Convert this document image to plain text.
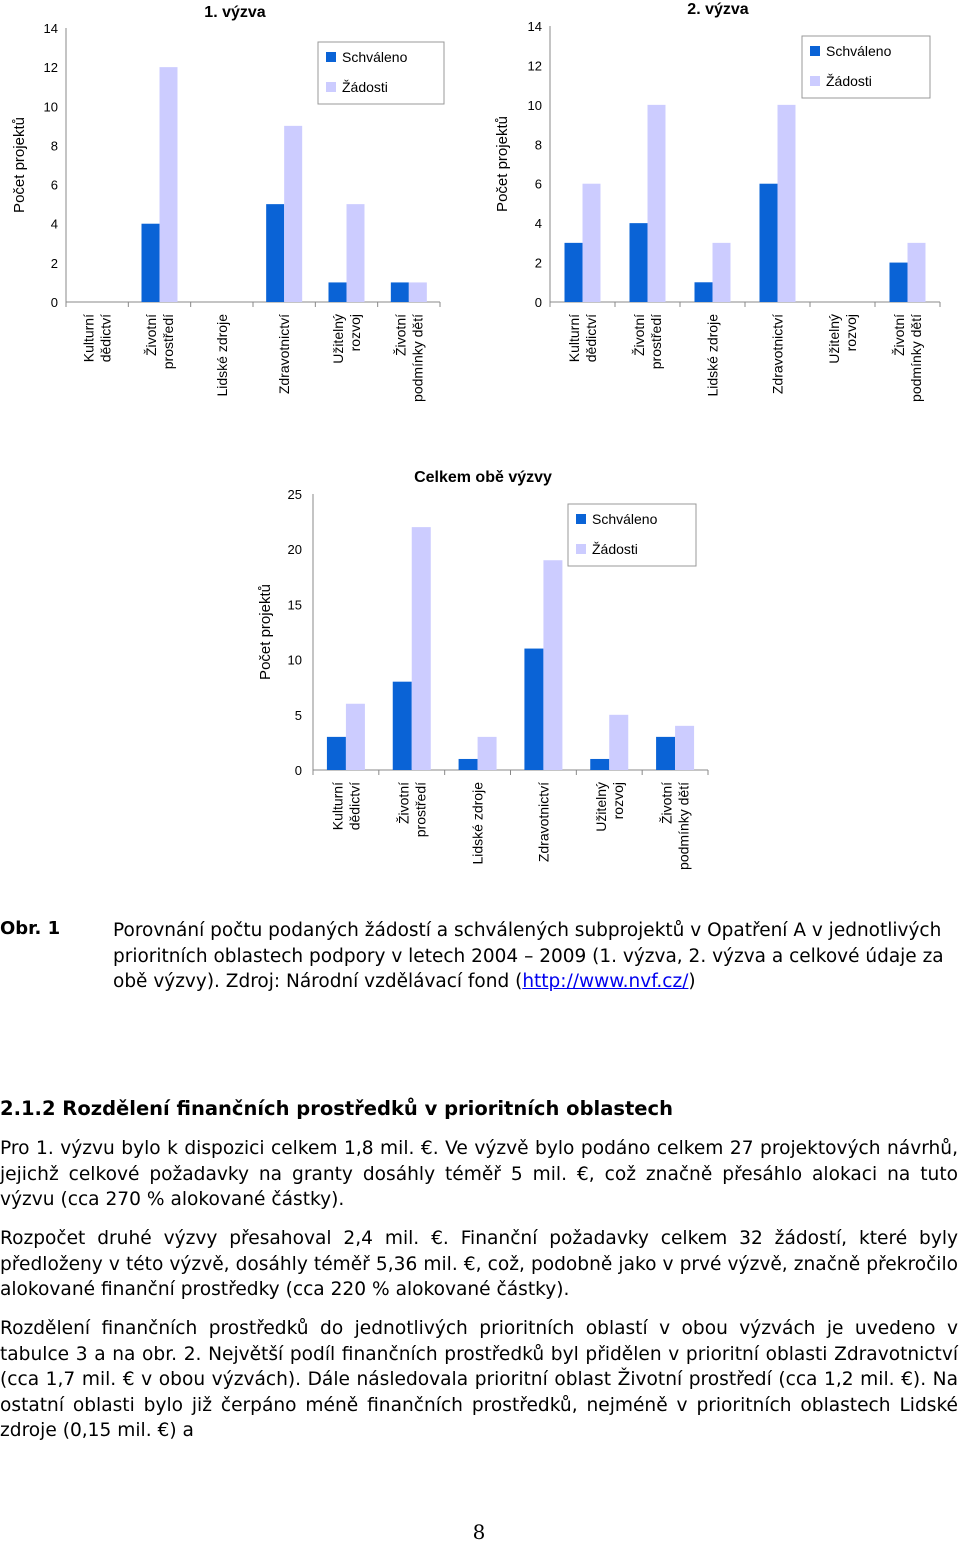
1. výzva
Počet projektů
14
12
10
8
6
4
2
0
Kulturní dědictví Životní prostředí	Lidské zdroje	Zdravotnictví	Užitelný rozvoj Životní podmínky dětí
Schváleno
Žádosti
2. výzva
Počet projektů
14
12
10
8
6
4
2
0
Kulturní dědictví Životní prostředí	Lidské zdroje	Zdravotnictví	Užitelný rozvoj Životní podmínky dětí
Schváleno
Žádosti
Celkem obě výzvy
Počet projektů
25
20
15
10
5
0
Kulturní dědictví Životní prostředí	Lidské zdroje	Zdravotnictví	Užitelný rozvoj Životní podmínky dětí
Schváleno
Žádosti
Obr. 1	Porovnání počtu podaných žádostí a schválených subprojektů v Opatření A v jednotlivých prioritních oblastech podpory v letech 2004 – 2009 (1. výzva, 2. výzva a celkové údaje za obě výzvy). Zdroj: Národní vzdělávací fond (http://www.nvf.cz/)
2.1.2 Rozdělení finančních prostředků v prioritních oblastech
Pro 1. výzvu bylo k dispozici celkem 1,8 mil. €. Ve výzvě bylo podáno celkem 27 projektových návrhů, jejichž celkové požadavky na granty dosáhly téměř 5 mil. €, což značně přesáhlo alokaci na tuto výzvu (cca 270 % alokované částky).
Rozpočet druhé výzvy přesahoval 2,4 mil. €. Finanční požadavky celkem 32 žádostí, které byly předloženy v této výzvě, dosáhly téměř 5,36 mil. €, což, podobně jako v prvé výzvě, značně překročilo alokované finanční prostředky (cca 220 % alokované částky).
Rozdělení finančních prostředků do jednotlivých prioritních oblastí v obou výzvách je uvedeno v tabulce 3 a na obr. 2. Největší podíl finančních prostředků byl přidělen v prioritní oblasti Zdravotnictví (cca 1,7 mil. € v obou výzvách). Dále následovala prioritní oblast Životní prostředí (cca 1,2 mil. €). Na ostatní oblasti bylo již čerpáno méně finančních prostředků, nejméně v prioritních oblastech Lidské zdroje (0,15 mil. €) a
8
